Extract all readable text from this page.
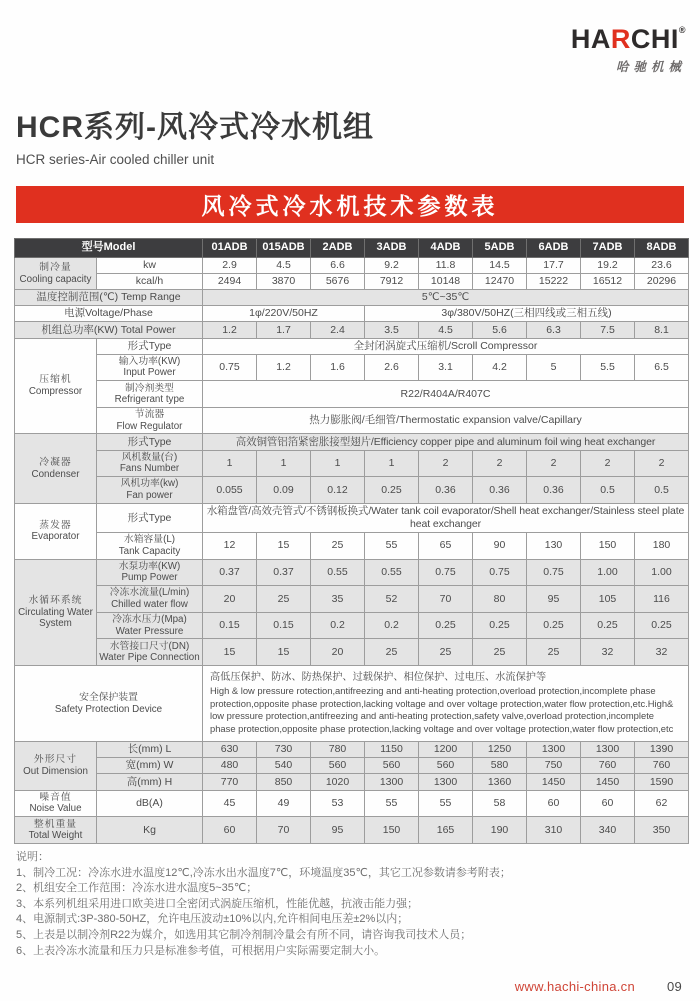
HARCHI®
哈驰机械
HCR系列-风冷式冷水机组
HCR series-Air cooled chiller unit
风冷式冷水机技术参数表
型号Model		01ADB	015ADB	2ADB	3ADB	4ADB	5ADB	6ADB	7ADB	8ADB

制冷量
Cooling capacity	kw	2.9	4.5	6.6	9.2	11.8	14.5	17.7	19.2	23.6
	kcal/h	2494	3870	5676	7912	10148	12470	15222	16512	20296
温度控制范围(℃) Temp Range		5℃~35℃								
电源Voltage/Phase		1φ/220V/50HZ			3φ/380V/50HZ(三相四线或三相五线)					
机组总功率(KW) Total Power		1.2	1.7	2.4	3.5	4.5	5.6	6.3	7.5	8.1

压缩机
Compressor	形式Type	全封闭涡旋式压缩机/Scroll Compressor								

	输入功率(KW)
Input Power	0.75	1.2	1.6	2.6	3.1	4.2	5	5.5	6.5

	制冷剂类型
Refrigerant type	R22/R404A/R407C								

	节流器
Flow Regulator	热力膨胀阀/毛细管/Thermostatic expansion valve/Capillary								

冷凝器
Condenser	形式Type	高效铜管铝箔紧密胀接型翅片/Efficiency copper pipe and aluminum foil wing heat exchanger								

	风机数量(台)
Fans Number	1	1	1	1	2	2	2	2	2

	风机功率(kw)
Fan power	0.055	0.09	0.12	0.25	0.36	0.36	0.36	0.5	0.5

蒸发器
Evaporator	形式Type	水箱盘管/高效壳管式/不锈钢板换式/Water tank coil evaporator/Shell heat exchanger/Stainless steel plate heat exchanger								

	水箱容量(L)
Tank Capacity	12	15	25	55	65	90	130	150	180

水循环系统
Circulating Water System	水泵功率(KW)
Pump Power	0.37	0.37	0.55	0.55	0.75	0.75	0.75	1.00	1.00

	冷冻水流量(L/min)
Chilled water flow	20	25	35	52	70	80	95	105	116

	冷冻水压力(Mpa)
Water Pressure	0.15	0.15	0.2	0.2	0.25	0.25	0.25	0.25	0.25

	水管接口尺寸(DN)
Water Pipe Connection	15	15	20	25	25	25	25	32	32

安全保护装置
Safety Protection Device		高低压保护、防冰、防热保护、过载保护、相位保护、过电压、水流保护等
High & low pressure rotection,antifreezing and anti-heating protection,overload protection,incomplete phase protection,opposite phase protection,lacking voltage and over voltage protection,water flow protection,etc.High& low pressure protection,antifreezing and anti-heating protection,safety valve,overload protection,incomplete phase protection,opposite phase protection,lacking voltage and over voltage protection,water flow protection,etc								

外形尺寸
Out Dimension	长(mm) L	630	730	780	1150	1200	1250	1300	1300	1390
	宽(mm) W	480	540	560	560	560	580	750	760	760
	高(mm) H	770	850	1020	1300	1300	1360	1450	1450	1590

噪音值
Noise Value	dB(A)	45	49	53	55	55	58	60	60	62

整机重量
Total Weight	Kg	60	70	95	150	165	190	310	340	350
说明：
1、制冷工况：冷冻水进水温度12℃,冷冻水出水温度7℃，环境温度35℃，其它工况参数请参考附表；
2、机组安全工作范围：冷冻水进水温度5~35℃；
3、本系列机组采用进口欧美进口全密闭式涡旋压缩机，性能优越，抗液击能力强；
4、电源制式:3P-380-50HZ，允许电压波动±10%以内,允许相间电压差±2%以内；
5、上表是以制冷剂R22为媒介，如选用其它制冷剂制冷量会有所不同，请咨询我司技术人员；
6、上表冷冻水流量和压力只是标准参考值，可根据用户实际需要定制大小。
www.hachi-china.cn 09
